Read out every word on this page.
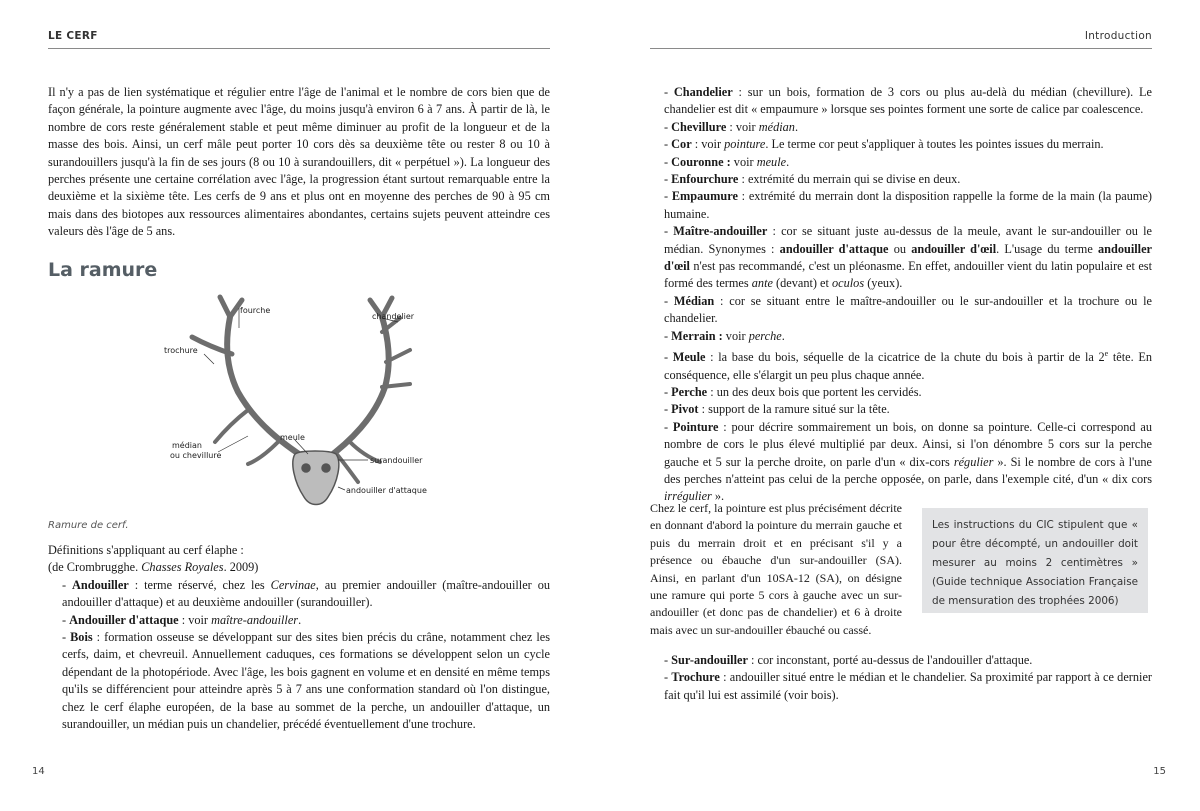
LE CERF

Il n'y a pas de lien systématique et régulier entre l'âge de l'animal et le nombre de cors bien que de façon générale, la pointure augmente avec l'âge, du moins jusqu'à environ 6 à 7 ans. À partir de là, le nombre de cors reste généralement stable et peut même diminuer au profit de la longueur et de la masse des bois. Ainsi, un cerf mâle peut porter 10 cors dès sa deuxième tête ou rester 8 ou 10 à surandouillers jusqu'à la fin de ses jours (8 ou 10 à surandouillers, dit « perpétuel »). La longueur des perches présente une certaine corrélation avec l'âge, la progression étant surtout remarquable entre la deuxième et la sixième tête. Les cerfs de 9 ans et plus ont en moyenne des perches de 90 à 95 cm mais dans des biotopes aux ressources alimentaires abondantes, certains sujets peuvent atteindre ces valeurs dès l'âge de 5 ans.

La ramure
fourche
chandelier
trochure
meule
médian
ou chevillure
surandouiller
andouiller d'attaque
Ramure de cerf.

Définitions s'appliquant au cerf élaphe :

(de Crombrugghe. Chasses Royales. 2009)

- Andouiller : terme réservé, chez les Cervinae, au premier andouiller (maître-andouiller ou andouiller d'attaque) et au deuxième andouiller (surandouiller).

- Andouiller d'attaque : voir maître-andouiller.

- Bois : formation osseuse se développant sur des sites bien précis du crâne, notamment chez les cerfs, daim, et chevreuil. Annuellement caduques, ces formations se développent selon un cycle dépendant de la photopériode. Avec l'âge, les bois gagnent en volume et en densité en même temps qu'ils se différencient pour atteindre après 5 à 7 ans une conformation standard où l'on distingue, chez le cerf élaphe européen, de la base au sommet de la perche, un andouiller d'attaque, un surandouiller, un médian puis un chandelier, précédé éventuellement d'une trochure.

14
Introduction

- Chandelier : sur un bois, formation de 3 cors ou plus au-delà du médian (chevillure). Le chandelier est dit « empaumure » lorsque ses pointes forment une sorte de calice par coalescence.

- Chevillure : voir médian.

- Cor : voir pointure. Le terme cor peut s'appliquer à toutes les pointes issues du merrain.

- Couronne : voir meule.

- Enfourchure : extrémité du merrain qui se divise en deux.

- Empaumure : extrémité du merrain dont la disposition rappelle la forme de la main (la paume) humaine.

- Maître-andouiller : cor se situant juste au-dessus de la meule, avant le sur-andouiller ou le médian. Synonymes : andouiller d'attaque ou andouiller d'œil. L'usage du terme andouiller d'œil n'est pas recommandé, c'est un pléonasme. En effet, andouiller vient du latin populaire et est formé des termes ante (devant) et oculos (yeux).

- Médian : cor se situant entre le maître-andouiller ou le sur-andouiller et la trochure ou le chandelier.

- Merrain : voir perche.

- Meule : la base du bois, séquelle de la cicatrice de la chute du bois à partir de la 2e tête. En conséquence, elle s'élargit un peu plus chaque année.

- Perche : un des deux bois que portent les cervidés.

- Pivot : support de la ramure situé sur la tête.

- Pointure : pour décrire sommairement un bois, on donne sa pointure. Celle-ci correspond au nombre de cors le plus élevé multiplié par deux. Ainsi, si l'on dénombre 5 cors sur la perche gauche et 5 sur la perche droite, on parle d'un « dix-cors régulier ». Si le nombre de cors à l'une des perches n'atteint pas celui de la perche opposée, on parle, dans l'exemple cité, d'un « dix cors irrégulier ».

Chez le cerf, la pointure est plus précisément décrite en donnant d'abord la pointure du merrain gauche et puis du merrain droit et en précisant s'il y a présence ou ébauche d'un sur-andouiller (SA). Ainsi, en parlant d'un 10SA-12 (SA), on désigne une ramure qui porte 5 cors à gauche avec un sur-andouiller (et donc pas de chandelier) et 6 à droite mais avec un sur-andouiller ébauché ou cassé.

Les instructions du CIC stipulent que « pour être décompté, un andouiller doit mesurer au moins 2 centimètres » (Guide technique Association Française de mensuration des trophées 2006)

- Sur-andouiller : cor inconstant, porté au-dessus de l'andouiller d'attaque.

- Trochure : andouiller situé entre le médian et le chandelier. Sa proximité par rapport à ce dernier fait qu'il lui est assimilé (voir bois).

15
